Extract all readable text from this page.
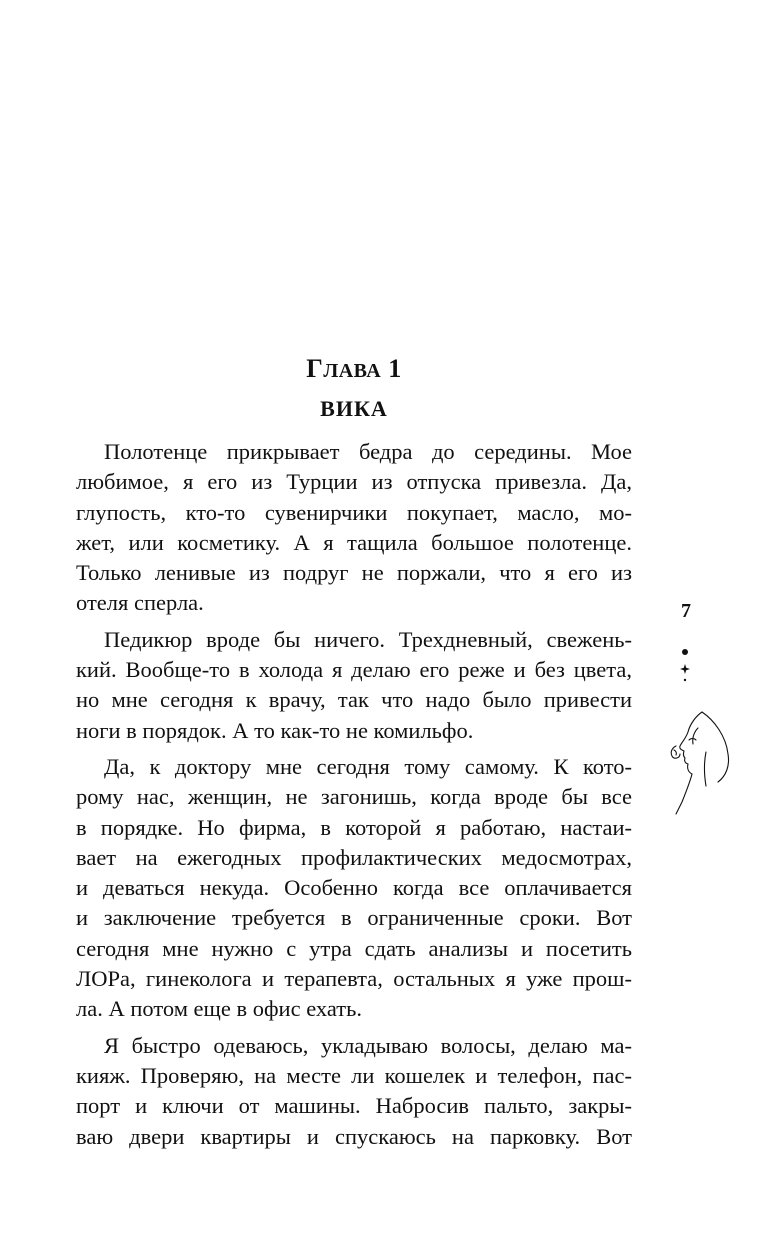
ГЛАВА 1
ВИКА
Полотенце прикрывает бедра до середины. Мое
любимое, я его из Турции из отпуска привезла. Да,
глупость, кто-то сувенирчики покупает, масло, мо-
жет, или косметику. А я тащила большое полотенце.
Только ленивые из подруг не поржали, что я его из
отеля сперла.
Педикюр вроде бы ничего. Трехдневный, свежень-
кий. Вообще-то в холода я делаю его реже и без цвета,
но мне сегодня к врачу, так что надо было привести
ноги в порядок. А то как-то не комильфо.
Да, к доктору мне сегодня тому самому. К кото-
рому нас, женщин, не загонишь, когда вроде бы все
в порядке. Но фирма, в которой я работаю, настаи-
вает на ежегодных профилактических медосмотрах,
и деваться некуда. Особенно когда все оплачивается
и заключение требуется в ограниченные сроки. Вот
сегодня мне нужно с утра сдать анализы и посетить
ЛОРа, гинеколога и терапевта, остальных я уже прош-
ла. А потом еще в офис ехать.
Я быстро одеваюсь, укладываю волосы, делаю ма-
кияж. Проверяю, на месте ли кошелек и телефон, пас-
порт и ключи от машины. Набросив пальто, закры-
ваю двери квартиры и спускаюсь на парковку. Вот
7
